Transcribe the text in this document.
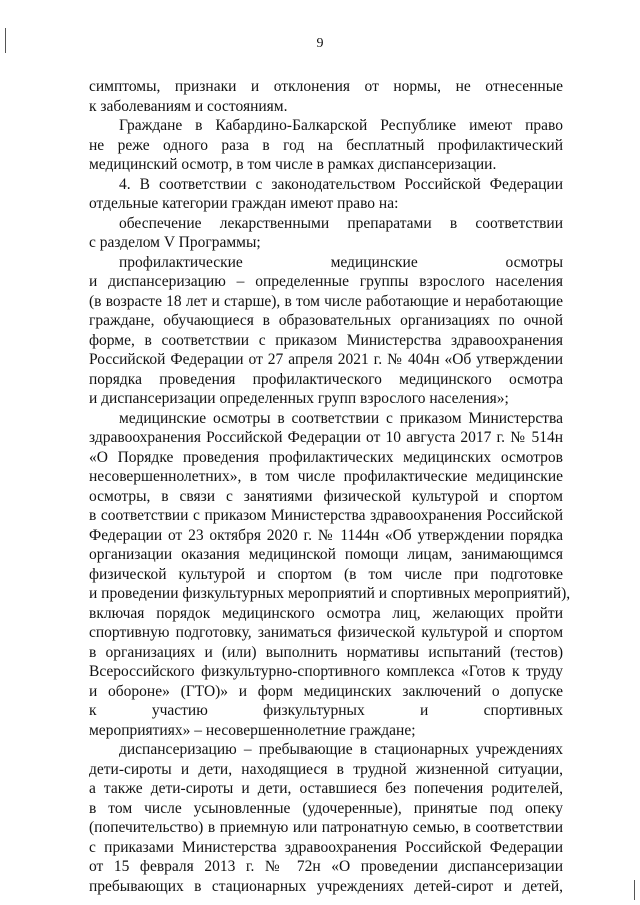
9
симптомы, признаки и отклонения от нормы, не отнесенные
к заболеваниям и состояниям.
Граждане в Кабардино-Балкарской Республике имеют право
не реже одного раза в год на бесплатный профилактический
медицинский осмотр, в том числе в рамках диспансеризации.
4. В соответствии с законодательством Российской Федерации
отдельные категории граждан имеют право на:
обеспечение лекарственными препаратами в соответствии
с разделом V Программы;
профилактические медицинские осмотры
и диспансеризацию – определенные группы взрослого населения
(в возрасте 18 лет и старше), в том числе работающие и неработающие
граждане, обучающиеся в образовательных организациях по очной
форме, в соответствии с приказом Министерства здравоохранения
Российской Федерации от 27 апреля 2021 г. № 404н «Об утверждении
порядка проведения профилактического медицинского осмотра
и диспансеризации определенных групп взрослого населения»;
медицинские осмотры в соответствии с приказом Министерства
здравоохранения Российской Федерации от 10 августа 2017 г. № 514н
«О Порядке проведения профилактических медицинских осмотров
несовершеннолетних», в том числе профилактические медицинские
осмотры, в связи с занятиями физической культурой и спортом
в соответствии с приказом Министерства здравоохранения Российской
Федерации от 23 октября 2020 г. № 1144н «Об утверждении порядка
организации оказания медицинской помощи лицам, занимающимся
физической культурой и спортом (в том числе при подготовке
и проведении физкультурных мероприятий и спортивных мероприятий),
включая порядок медицинского осмотра лиц, желающих пройти
спортивную подготовку, заниматься физической культурой и спортом
в организациях и (или) выполнить нормативы испытаний (тестов)
Всероссийского физкультурно-спортивного комплекса «Готов к труду
и обороне» (ГТО)» и форм медицинских заключений о допуске
к участию физкультурных и спортивных
мероприятиях» – несовершеннолетние граждане;
диспансеризацию – пребывающие в стационарных учреждениях
дети-сироты и дети, находящиеся в трудной жизненной ситуации,
а также дети-сироты и дети, оставшиеся без попечения родителей,
в том числе усыновленные (удочеренные), принятые под опеку
(попечительство) в приемную или патронатную семью, в соответствии
с приказами Министерства здравоохранения Российской Федерации
от 15 февраля 2013 г. № 72н «О проведении диспансеризации
пребывающих в стационарных учреждениях детей-сирот и детей,
